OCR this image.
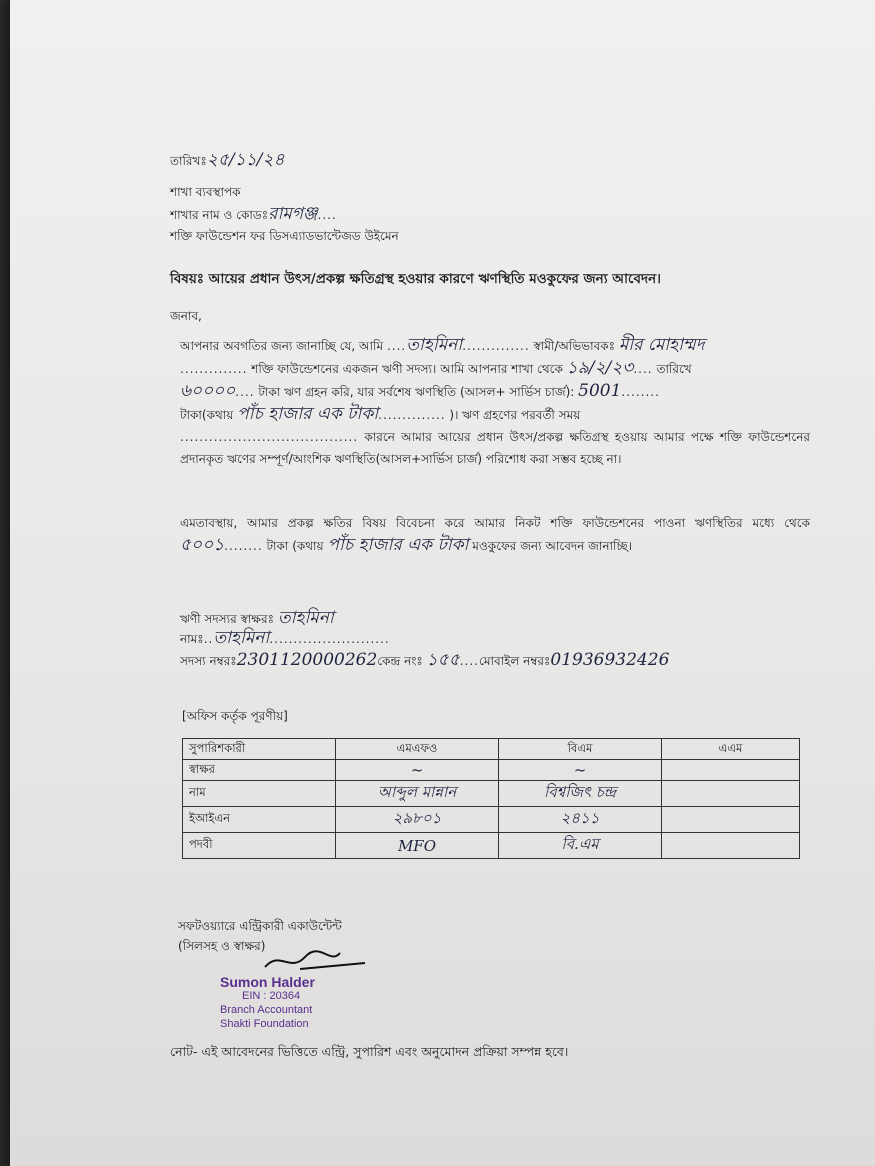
তারিখঃ২৫/১১/২৪
শাখা ব্যবস্থাপক
শাখার নাম ও কোডঃরামগঞ্জ....
শক্তি ফাউন্ডেশন ফর ডিসএ্যাডভান্টেজড উইমেন
বিষয়ঃ আয়ের প্রধান উৎস/প্রকল্প ক্ষতিগ্রস্থ হওয়ার কারণে ঋণস্থিতি মওকুফের জন্য আবেদন।
জনাব,
আপনার অবগতির জন্য জানাচ্ছি যে, আমি ....তাহমিনা.............. স্বামী/অভিভাবকঃ মীর মোহাম্মদ
.............. শক্তি ফাউন্ডেশনের একজন ঋণী সদস্য। আমি আপনার শাখা থেকে ১৯/২/২৩.... তারিখে
৬০০০০.... টাকা ঋণ গ্রহন করি, যার সর্বশেষ ঋণস্থিতি (আসল+ সার্ভিস চার্জ): 5001........
টাকা(কথায় পাঁচ হাজার এক টাকা.............. )। ঋণ গ্রহণের পরবর্তী সময়
..................................... কারনে আমার আয়ের প্রধান উৎস/প্রকল্প ক্ষতিগ্রস্থ হওয়ায় আমার পক্ষে শক্তি ফাউন্ডেশনের প্রদানকৃত ঋণের সম্পূর্ণ/আংশিক ঋণস্থিতি(আসল+সার্ভিস চার্জ) পরিশোধ করা সম্ভব হচ্ছে না।
এমতাবস্থায়, আমার প্রকল্প ক্ষতির বিষয় বিবেচনা করে আমার নিকট শক্তি ফাউন্ডেশনের পাওনা ঋণস্থিতির মধ্যে থেকে ৫০০১........ টাকা (কথায় পাঁচ হাজার এক টাকা মওকুফের জন্য আবেদন জানাচ্ছি।
ঋণী সদস্যর স্বাক্ষরঃ তাহমিনা
নামঃ..তাহমিনা.........................
সদস্য নম্বরঃ2301120000262কেন্দ্র নংঃ ১৫৫....মোবাইল নম্বরঃ01936932426
[অফিস কর্তৃক পূরণীয়]
সুপারিশকারী	এমএফও	বিএম	এএম
স্বাক্ষর	~	~	
নাম	আব্দুল মান্নান	বিশ্বজিৎ চন্দ্র	
ইআইএন	২৯৮০১	২৪১১	
পদবী	MFO	বি.এম	
সফটওয়্যারে এন্ট্রিকারী একাউন্টেন্ট
(সিলসহ ও স্বাক্ষর)
Sumon Halder
EIN : 20364
Branch Accountant
Shakti Foundation
নোট- এই আবেদনের ভিত্তিতে এন্ট্রি, সুপারিশ এবং অনুমোদন প্রক্রিয়া সম্পন্ন হবে।
